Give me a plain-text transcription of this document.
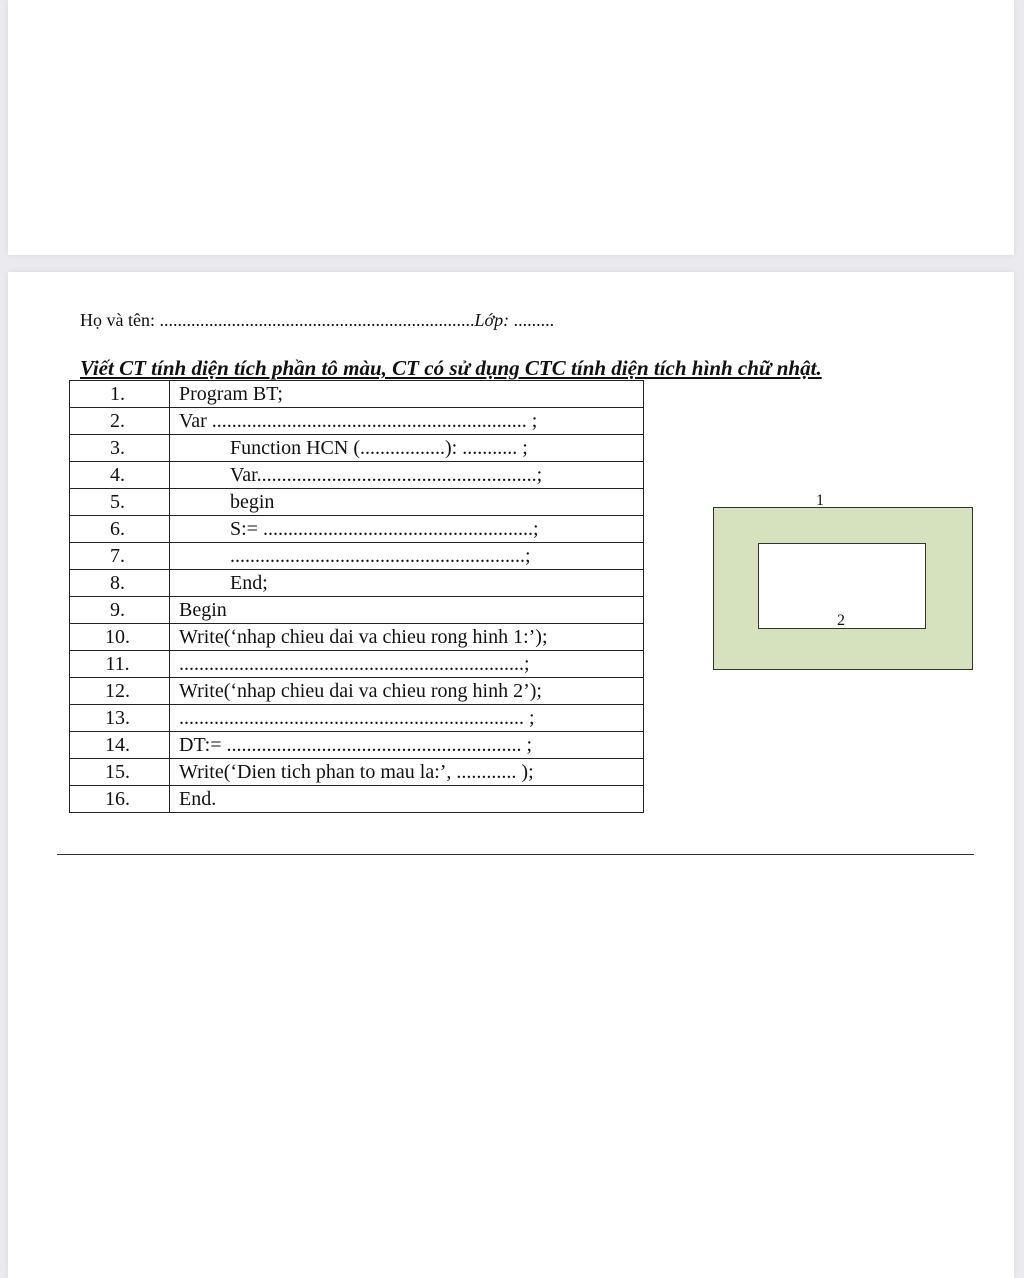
Họ và tên: ......................................................................Lớp: .........
Viết CT tính diện tích phần tô màu, CT có sử dụng CTC tính diện tích hình chữ nhật.
1.	Program BT;
2.	Var ............................................................... ;
3.	Function HCN (.................): ........... ;
4.	Var........................................................;
5.	begin
6.	S:= ......................................................;
7.	...........................................................;
8.	End;
9.	Begin
10.	Write(‘nhap chieu dai va chieu rong hinh 1:’);
11.	.....................................................................;
12.	Write(‘nhap chieu dai va chieu rong hinh 2’);
13.	..................................................................... ;
14.	DT:= ........................................................... ;
15.	Write(‘Dien tich phan to mau la:’, ............ );
16.	End.
1
2
